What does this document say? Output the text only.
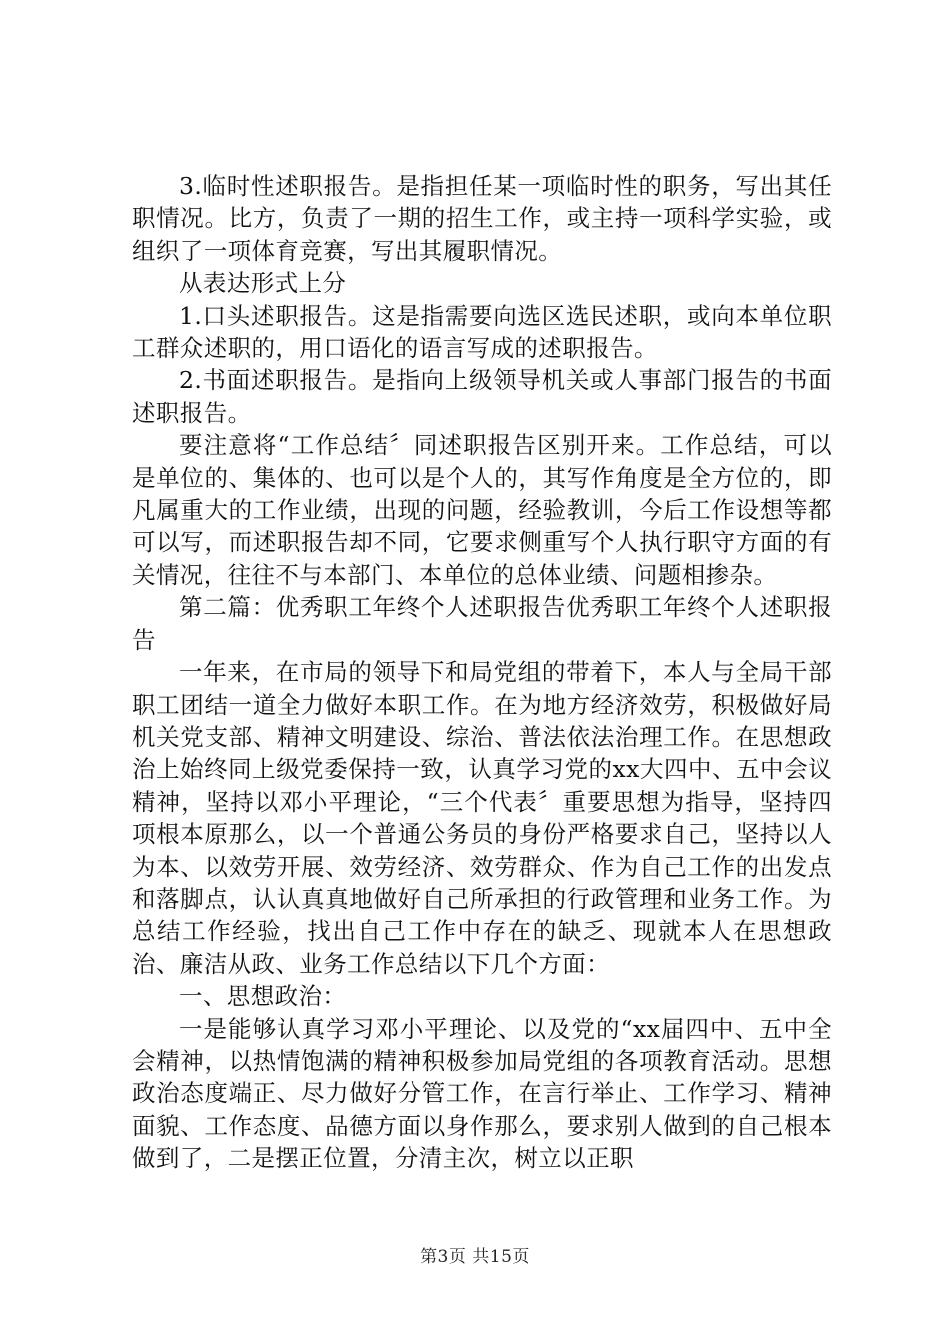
3.临时性述职报告。是指担任某一项临时性的职务，写出其任职情况。比方，负责了一期的招生工作，或主持一项科学实验，或组织了一项体育竞赛，写出其履职情况。

从表达形式上分

1.口头述职报告。这是指需要向选区选民述职，或向本单位职工群众述职的，用口语化的语言写成的述职报告。

2.书面述职报告。是指向上级领导机关或人事部门报告的书面述职报告。

要注意将“工作总结〞同述职报告区别开来。工作总结，可以是单位的、集体的、也可以是个人的，其写作角度是全方位的，即凡属重大的工作业绩，出现的问题，经验教训，今后工作设想等都可以写，而述职报告却不同，它要求侧重写个人执行职守方面的有关情况，往往不与本部门、本单位的总体业绩、问题相掺杂。

第二篇：优秀职工年终个人述职报告优秀职工年终个人述职报告

一年来，在市局的领导下和局党组的带着下，本人与全局干部职工团结一道全力做好本职工作。在为地方经济效劳，积极做好局机关党支部、精神文明建设、综治、普法依法治理工作。在思想政治上始终同上级党委保持一致，认真学习党的xx大四中、五中会议精神，坚持以邓小平理论，“三个代表〞重要思想为指导，坚持四项根本原那么，以一个普通公务员的身份严格要求自己，坚持以人为本、以效劳开展、效劳经济、效劳群众、作为自己工作的出发点和落脚点，认认真真地做好自己所承担的行政管理和业务工作。为总结工作经验，找出自己工作中存在的缺乏、现就本人在思想政治、廉洁从政、业务工作总结以下几个方面：

一、思想政治：

一是能够认真学习邓小平理论、以及党的“xx届四中、五中全会精神，以热情饱满的精神积极参加局党组的各项教育活动。思想政治态度端正、尽力做好分管工作，在言行举止、工作学习、精神面貌、工作态度、品德方面以身作那么，要求别人做到的自己根本做到了，二是摆正位置，分清主次，树立以正职

第3页 共15页
